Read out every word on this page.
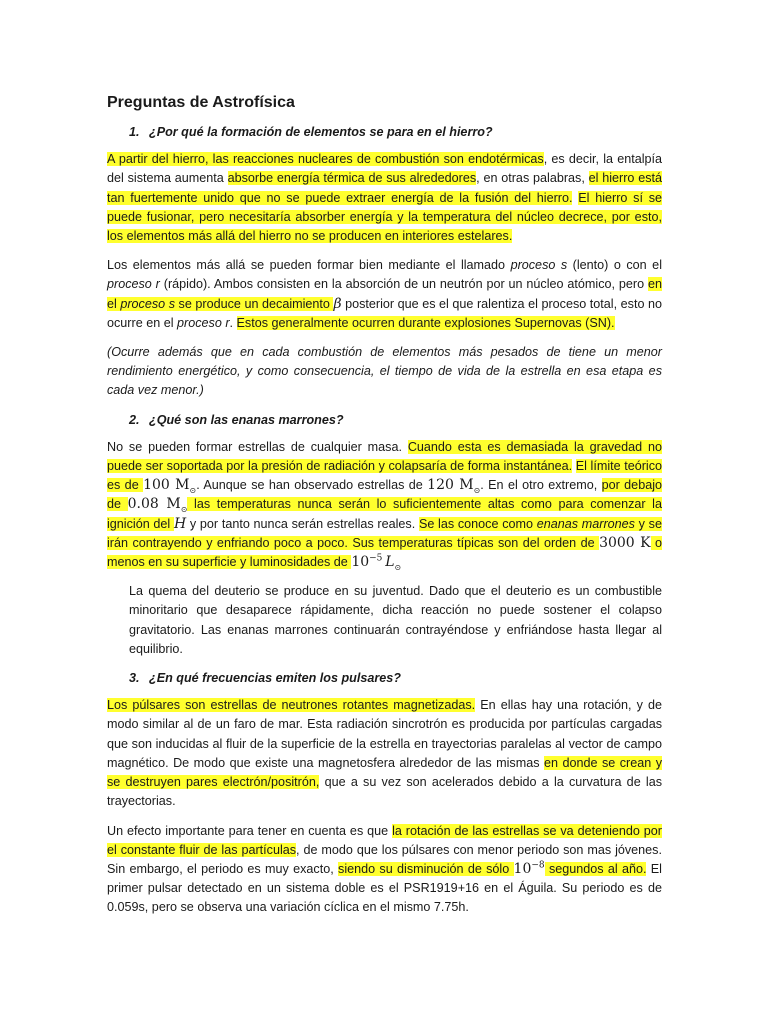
Preguntas de Astrofísica
1. ¿Por qué la formación de elementos se para en el hierro?

A partir del hierro, las reacciones nucleares de combustión son endotérmicas, es decir, la entalpía del sistema aumenta absorbe energía térmica de sus alrededores, en otras palabras, el hierro está tan fuertemente unido que no se puede extraer energía de la fusión del hierro. El hierro sí se puede fusionar, pero necesitaría absorber energía y la temperatura del núcleo decrece, por esto, los elementos más allá del hierro no se producen en interiores estelares.

Los elementos más allá se pueden formar bien mediante el llamado proceso s (lento) o con el proceso r (rápido). Ambos consisten en la absorción de un neutrón por un núcleo atómico, pero en el proceso s se produce un decaimiento β posterior que es el que ralentiza el proceso total, esto no ocurre en el proceso r. Estos generalmente ocurren durante explosiones Supernovas (SN).

(Ocurre además que en cada combustión de elementos más pesados de tiene un menor rendimiento energético, y como consecuencia, el tiempo de vida de la estrella en esa etapa es cada vez menor.)

2. ¿Qué son las enanas marrones?

No se pueden formar estrellas de cualquier masa. Cuando esta es demasiada la gravedad no puede ser soportada por la presión de radiación y colapsaría de forma instantánea. El límite teórico es de 100 $M_⊙$. Aunque se han observado estrellas de 120 $M_⊙$. En el otro extremo, por debajo de 0.08 $M_⊙$ las temperaturas nunca serán lo suficientemente altas como para comenzar la ignición del H y por tanto nunca serán estrellas reales. Se las conoce como enanas marrones y se irán contrayendo y enfriando poco a poco. Sus temperaturas típicas son del orden de 3000 K o menos en su superficie y luminosidades de $10^{-5}$  $L_⊙$

La quema del deuterio se produce en su juventud. Dado que el deuterio es un combustible minoritario que desaparece rápidamente, dicha reacción no puede sostener el colapso gravitatorio. Las enanas marrones continuarán contrayéndose y enfriándose hasta llegar al equilibrio.

3. ¿En qué frecuencias emiten los pulsares?

Los púlsares son estrellas de neutrones rotantes magnetizadas. En ellas hay una rotación, y de modo similar al de un faro de mar. Esta radiación sincrotrón es producida por partículas cargadas que son inducidas al fluir de la superficie de la estrella en trayectorias paralelas al vector de campo magnético. De modo que existe una magnetosfera alrededor de las mismas en donde se crean y se destruyen pares electrón/positrón, que a su vez son acelerados debido a la curvatura de las trayectorias.

Un efecto importante para tener en cuenta es que la rotación de las estrellas se va deteniendo por el constante fluir de las partículas, de modo que los púlsares con menor periodo son mas jóvenes. Sin embargo, el periodo es muy exacto, siendo su disminución de sólo $10^{-8}$ segundos al año. El primer pulsar detectado en un sistema doble es el PSR1919+16 en el Águila. Su periodo es de 0.059s, pero se observa una variación cíclica en el mismo 7.75h.
